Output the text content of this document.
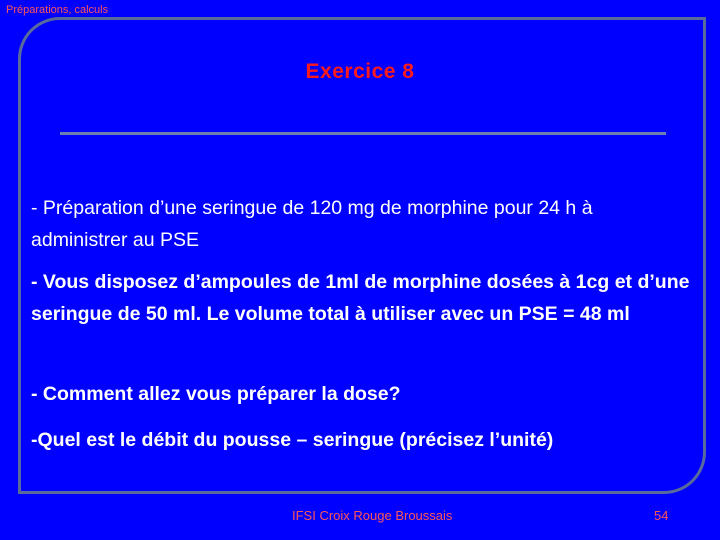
Préparations, calculs
Exercice 8
- Préparation d’une seringue de 120 mg de morphine pour 24 h à administrer au PSE
- Vous disposez d’ampoules de 1ml de morphine dosées à 1cg et d’une seringue de 50 ml. Le volume total à utiliser avec un PSE = 48 ml
- Comment allez vous préparer la dose?
-Quel est le débit du pousse – seringue (précisez l’unité)
IFSI Croix Rouge Broussais	54
